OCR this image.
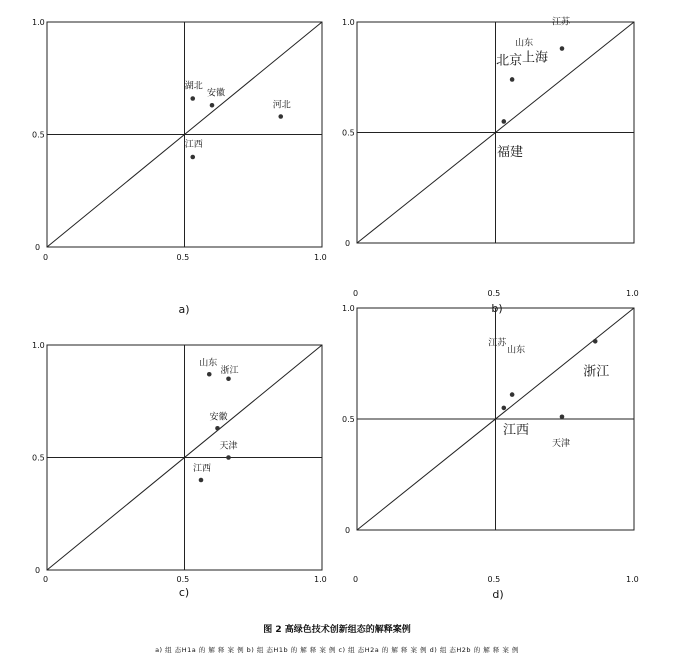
0	0.5	1.0
0
0.5
1.0
a)
湖北
安徽
河北
江西
0	0.5	1.0
0
0.5
1.0
b)
山东
北京
江苏
上海
福建
0	0.5	1.0
0
0.5
1.0
c)
山东
浙江
安徽
天津
江西
0	0.5	1.0
0
0.5
1.0
d)
江苏
浙江
山东
天津
江西
图 2 高绿色技术创新组态的解释案例
a) 组 态H1a 的 解 释 案 例 b) 组 态H1b 的 解 释 案 例 c) 组 态H2a 的 解 释 案 例 d) 组 态H2b 的 解 释 案 例
